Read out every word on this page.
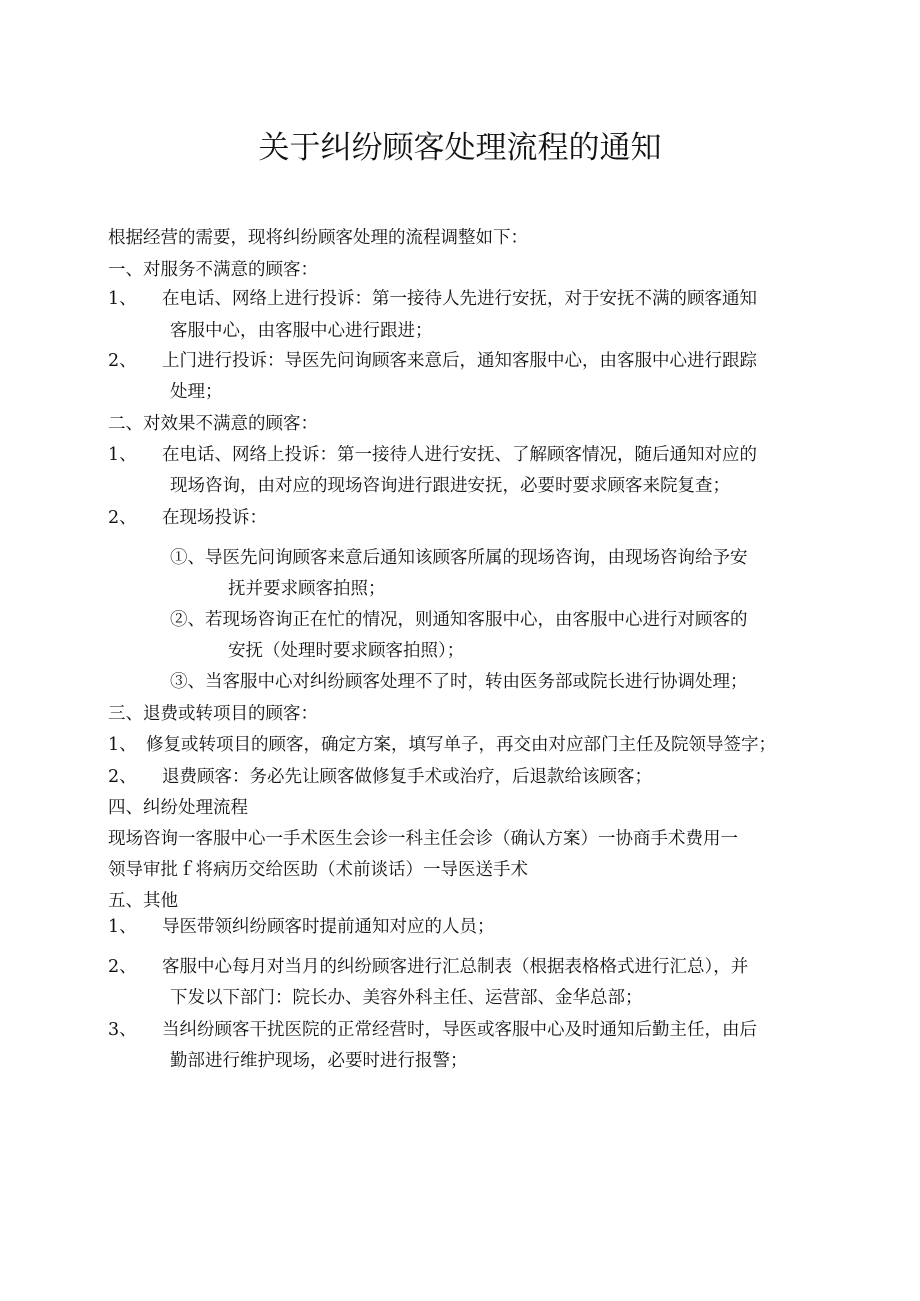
关于纠纷顾客处理流程的通知
根据经营的需要，现将纠纷顾客处理的流程调整如下：
一、对服务不满意的顾客：
1、 在电话、网络上进行投诉：第一接待人先进行安抚，对于安抚不满的顾客通知
客服中心，由客服中心进行跟进；
2、 上门进行投诉：导医先问询顾客来意后，通知客服中心，由客服中心进行跟踪
处理；
二、对效果不满意的顾客：
1、 在电话、网络上投诉：第一接待人进行安抚、了解顾客情况，随后通知对应的
现场咨询，由对应的现场咨询进行跟进安抚，必要时要求顾客来院复查；
2、 在现场投诉：
①、导医先问询顾客来意后通知该顾客所属的现场咨询，由现场咨询给予安
抚并要求顾客拍照；
②、若现场咨询正在忙的情况，则通知客服中心，由客服中心进行对顾客的
安抚（处理时要求顾客拍照）；
③、当客服中心对纠纷顾客处理不了时，转由医务部或院长进行协调处理；
三、退费或转项目的顾客：
1、 修复或转项目的顾客，确定方案，填写单子，再交由对应部门主任及院领导签字；
2、 退费顾客：务必先让顾客做修复手术或治疗，后退款给该顾客；
四、纠纷处理流程
现场咨询一客服中心一手术医生会诊一科主任会诊（确认方案）一协商手术费用一
领导审批ｆ将病历交给医助（术前谈话）一导医送手术
五、其他
1、 导医带领纠纷顾客时提前通知对应的人员；
2、 客服中心每月对当月的纠纷顾客进行汇总制表（根据表格格式进行汇总），并
下发以下部门：院长办、美容外科主任、运营部、金华总部；
3、 当纠纷顾客干扰医院的正常经营时，导医或客服中心及时通知后勤主任，由后
勤部进行维护现场，必要时进行报警；
